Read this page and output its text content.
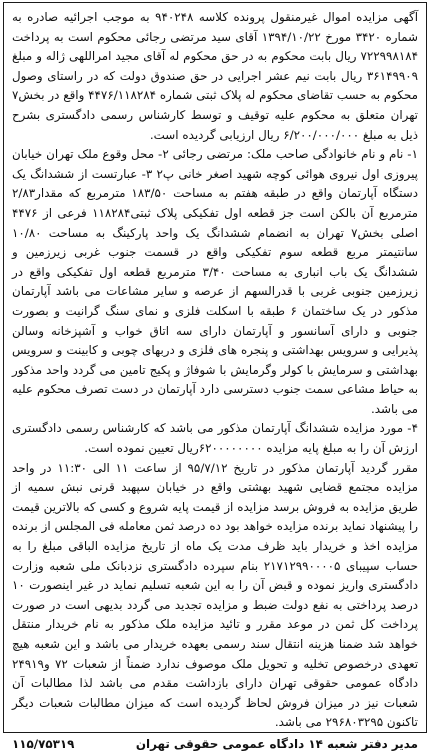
آگهی مزایده اموال غیرمنقول پرونده کلاسه ۹۴۰۲۴۸ به موجب اجرائیه صادره به شماره ۳۴۲۰ مورخ ۱۳۹۴/۱۰/۲۲ آقای سید مرتضی رجائی محکوم است به پرداخت ۷۲۲۹۹۸۱۸۴ ریال بابت محکوم به در حق محکوم له آقای مجید امراللهی ژاله و مبلغ ۳۶۱۴۹۹۰۹ ریال بابت نیم عشر اجرایی در حق صندوق دولت که در راستای وصول محکوم به حسب تقاضای محکوم له پلاک ثبتی شماره ۴۴۷۶/۱۱۸۲۸۴ واقع در بخش۷ تهران متعلق به محکوم علیه توقیف و توسط کارشناس رسمی دادگستری بشرح ذیل به مبلغ ۶/۲۰۰/۰۰۰/۰۰۰ ریال ارزیابی گردیده است.

۱- نام و نام خانوادگی صاحب ملک: مرتضی رجائی ۲- محل وقوع ملک تهران خیابان پیروزی اول نیروی هوائی کوچه شهید اصغر خانی پ۲ ۳- عبارتست از ششدانگ یک دستگاه آپارتمان واقع در طبقه هفتم به مساحت ۱۸۳/۵۰ مترمربع که مقدار۲/۸۳ مترمربع آن بالکن است جز قطعه اول تفکیکی پلاک ثبتی۱۱۸۲۸۴ فرعی از ۴۴۷۶ اصلی بخش۷ تهران به انضمام ششدانگ یک واحد پارکینگ به مساحت ۱۰/۸۰ سانتیمتر مربع قطعه سوم تفکیکی واقع در قسمت جنوب غربی زیرزمین و ششدانگ یک باب انباری به مساحت ۳/۴۰ مترمربع قطعه اول تفکیکی واقع در زیرزمین جنوبی غربی با قدرالسهم از عرصه و سایر مشاعات می باشد آپارتمان مذکور در یک ساختمان ۶ طبقه با اسکلت فلزی و نمای سنگ گرانیت و بصورت جنوبی و دارای آسانسور و آپارتمان دارای سه اتاق خواب و آشپزخانه وسالن پذیرایی و سرویس بهداشتی و پنجره های فلزی و دربهای چوبی و کابینت و سرویس بهداشتی و سرمایش با کولر وگرمایش با شوفاژ و پکیج تامین می گردد واحد مذکور به حیاط مشاعی سمت جنوب دسترسی دارد آپارتمان در دست تصرف محکوم علیه می باشد.

۴- مورد مزایده ششدانگ آپارتمان مذکور می باشد که کارشناس رسمی دادگستری ارزش آن را به مبلغ پایه مزایده ۶۲۰۰۰۰۰۰۰۰ریال تعیین نموده است.

مقرر گردید آپارتمان مذکور در تاریخ ۹۵/۷/۱۲ از ساعت ۱۱ الی ۱۱:۳۰ در واحد مزایده مجتمع قضایی شهید بهشتی واقع در خیابان سپهبد قرنی نبش سمیه از طریق مزایده به فروش برسد مزایده از قیمت پایه شروع و کسی که بالاترین قیمت را پیشنهاد نماید برنده مزایده خواهد بود ده درصد ثمن معامله فی المجلس از برنده مزایده اخذ و خریدار باید ظرف مدت یک ماه از تاریخ مزایده الباقی مبلغ را به حساب سپیبای ۲۱۷۱۲۹۹۰۰۰۰۵ بنام سپرده دادگستری نزدبانک ملی شعبه وزارت دادگستری واریز نموده و قبض آن را به این شعبه تسلیم نماید در غیر اینصورت ۱۰ درصد پرداختی به نفع دولت ضبط و مزایده تجدید می گردد بدیهی است در صورت پرداخت کل ثمن در موعد مقرر و تائید مزایده ملک مذکور به نام خریدار منتقل خواهد شد ضمنا هزینه انتقال سند رسمی بعهده خریدار می باشد و این شعبه هیچ تعهدی درخصوص تخلیه و تحویل ملک موصوف ندارد ضمناً از شعبات ۷۲ و۲۴۹۱۹ دادگاه عمومی حقوقی تهران دارای بازداشت مقدم می باشد لذا مطالبات آن شعبات نیز در میزان فروش لحاظ گردیده است که میزان مطالبات شعبات دیگر تاکنون ۲۹۶۸۰۳۲۹۵ می باشد.

مدیر دفتر شعبه ۱۴ دادگاه عمومی حقوقی تهران
۱۱۵/۷۵۳۱۹
